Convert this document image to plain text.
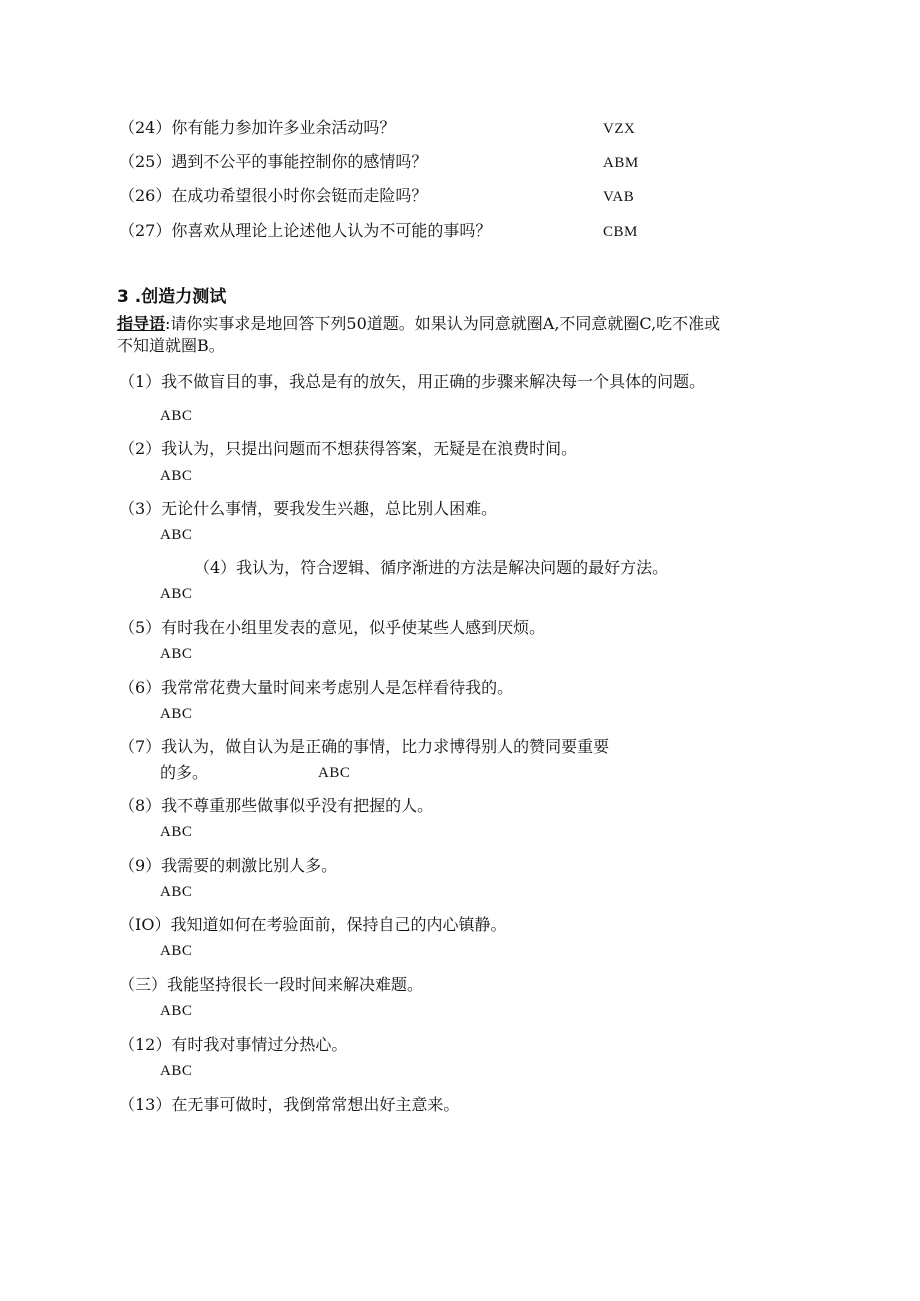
（24）你有能力参加许多业余活动吗？	VZX
（25）遇到不公平的事能控制你的感情吗？	ABM
（26）在成功希望很小时你会铤而走险吗？	VAB
（27）你喜欢从理论上论述他人认为不可能的事吗？	CBM
3 .创造力测试
指导语:请你实事求是地回答下列50道题。如果认为同意就圈A,不同意就圈C,吃不准或
不知道就圈B。
（1）我不做盲目的事，我总是有的放矢，用正确的步骤来解决每一个具体的问题。
ABC
（2）我认为，只提出问题而不想获得答案，无疑是在浪费时间。
ABC
（3）无论什么事情，要我发生兴趣，总比别人困难。
ABC
（4）我认为，符合逻辑、循序渐进的方法是解决问题的最好方法。
ABC
（5）有时我在小组里发表的意见，似乎使某些人感到厌烦。
ABC
（6）我常常花费大量时间来考虑别人是怎样看待我的。
ABC
（7）我认为，做自认为是正确的事情，比力求博得别人的赞同要重要
的多。	ABC
（8）我不尊重那些做事似乎没有把握的人。
ABC
（9）我需要的刺激比别人多。
ABC
（IO）我知道如何在考验面前，保持自己的内心镇静。
ABC
（三）我能坚持很长一段时间来解决难题。
ABC
（12）有时我对事情过分热心。
ABC
（13）在无事可做时，我倒常常想出好主意来。
